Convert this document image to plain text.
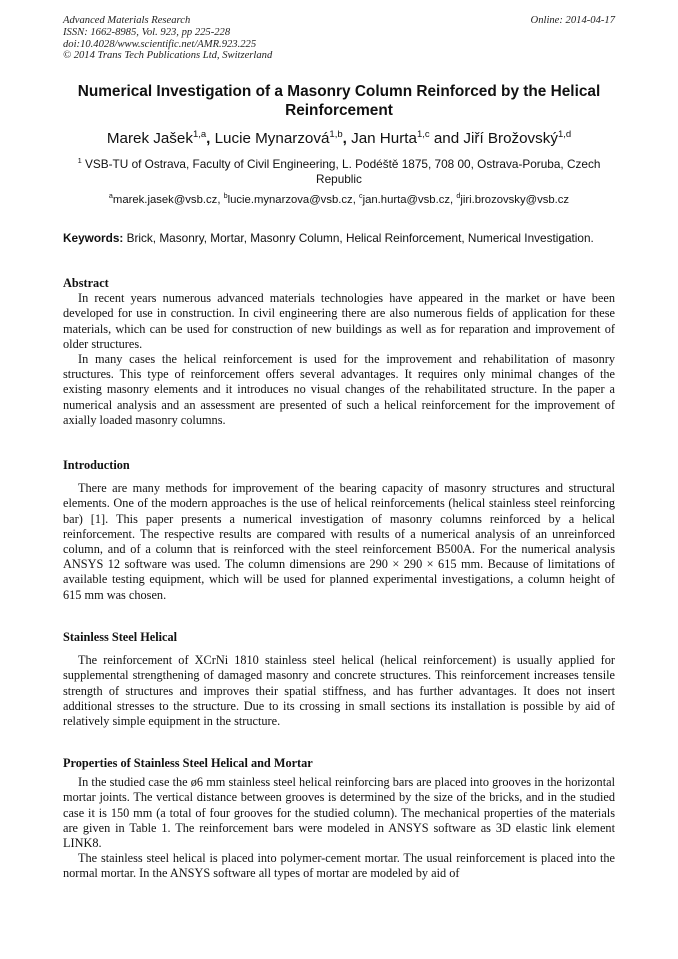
Advanced Materials Research
ISSN: 1662-8985, Vol. 923, pp 225-228
doi:10.4028/www.scientific.net/AMR.923.225
© 2014 Trans Tech Publications Ltd, Switzerland
Online: 2014-04-17
Numerical Investigation of a Masonry Column Reinforced by the Helical Reinforcement
Marek Jašek$^{1,a}$, Lucie Mynarzová$^{1,b}$, Jan Hurta$^{1,c}$ and Jiří Brožovský$^{1,d}$
$^1$ VSB-TU of Ostrava, Faculty of Civil Engineering, L. Podéště 1875, 708 00, Ostrava-Poruba, Czech Republic
$^a$marek.jasek@vsb.cz, $^b$lucie.mynarzova@vsb.cz, $^c$jan.hurta@vsb.cz, $^d$jiri.brozovsky@vsb.cz
Keywords: Brick, Masonry, Mortar, Masonry Column, Helical Reinforcement, Numerical Investigation.
Abstract

In recent years numerous advanced materials technologies have appeared in the market or have been developed for use in construction. In civil engineering there are also numerous fields of application for these materials, which can be used for construction of new buildings as well as for reparation and improvement of older structures.

In many cases the helical reinforcement is used for the improvement and rehabilitation of masonry structures. This type of reinforcement offers several advantages. It requires only minimal changes of the existing masonry elements and it introduces no visual changes of the rehabilitated structure. In the paper a numerical analysis and an assessment are presented of such a helical reinforcement for the improvement of axially loaded masonry columns.

Introduction

There are many methods for improvement of the bearing capacity of masonry structures and structural elements. One of the modern approaches is the use of helical reinforcements (helical stainless steel reinforcing bar) [1]. This paper presents a numerical investigation of masonry columns reinforced by a helical reinforcement. The respective results are compared with results of a numerical analysis of an unreinforced column, and of a column that is reinforced with the steel reinforcement B500A. For the numerical analysis ANSYS 12 software was used. The column dimensions are 290 × 290 × 615 mm. Because of limitations of available testing equipment, which will be used for planned experimental investigations, a column height of 615 mm was chosen.

Stainless Steel Helical

The reinforcement of XCrNi 1810 stainless steel helical (helical reinforcement) is usually applied for supplemental strengthening of damaged masonry and concrete structures. This reinforcement increases tensile strength of structures and improves their spatial stiffness, and has further advantages. It does not insert additional stresses to the structure. Due to its crossing in small sections its installation is possible by aid of relatively simple equipment in the structure.

Properties of Stainless Steel Helical and Mortar

In the studied case the ø6 mm stainless steel helical reinforcing bars are placed into grooves in the horizontal mortar joints. The vertical distance between grooves is determined by the size of the bricks, and in the studied case it is 150 mm (a total of four grooves for the studied column). The mechanical properties of the materials are given in Table 1. The reinforcement bars were modeled in ANSYS software as 3D elastic link element LINK8.

The stainless steel helical is placed into polymer-cement mortar. The usual reinforcement is placed into the normal mortar. In the ANSYS software all types of mortar are modeled by aid of
